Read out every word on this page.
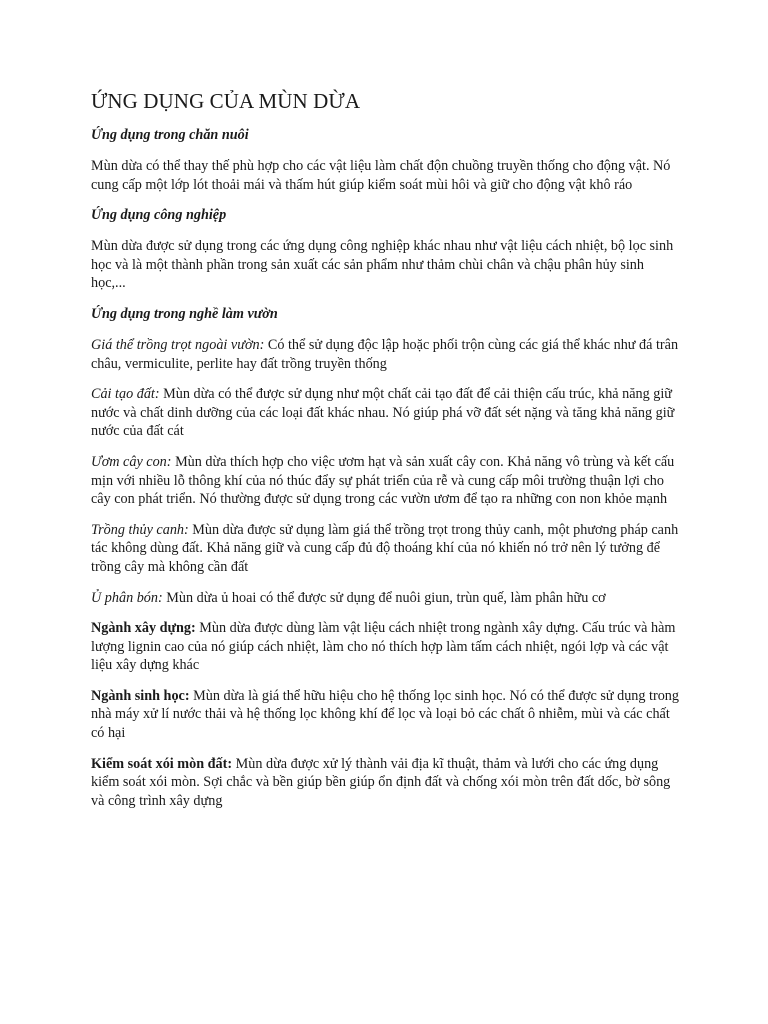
ỨNG DỤNG CỦA MÙN DỪA
Ứng dụng trong chăn nuôi

Mùn dừa có thể thay thế phù hợp cho các vật liệu làm chất độn chuồng truyền thống cho động vật. Nó cung cấp một lớp lót thoải mái và thấm hút giúp kiểm soát mùi hôi và giữ cho động vật khô ráo

Ứng dụng công nghiệp

Mùn dừa được sử dụng trong các ứng dụng công nghiệp khác nhau như vật liệu cách nhiệt, bộ lọc sinh học và là một thành phần trong sản xuất các sản phẩm như thảm chùi chân và chậu phân hủy sinh học,...

Ứng dụng trong nghề làm vườn

Giá thể trồng trọt ngoài vườn: Có thể sử dụng độc lập hoặc phối trộn cùng các giá thể khác như đá trân châu, vermiculite, perlite hay đất trồng truyền thống

Cải tạo đất: Mùn dừa có thể được sử dụng như một chất cải tạo đất để cải thiện cấu trúc, khả năng giữ nước và chất dinh dưỡng của các loại đất khác nhau. Nó giúp phá vỡ đất sét nặng và tăng khả năng giữ nước của đất cát

Ươm cây con: Mùn dừa thích hợp cho việc ươm hạt và sản xuất cây con. Khả năng vô trùng và kết cấu mịn với nhiều lỗ thông khí của nó thúc đẩy sự phát triển của rễ và cung cấp môi trường thuận lợi cho cây con phát triển. Nó thường được sử dụng trong các vườn ươm để tạo ra những con non khỏe mạnh

Trồng thủy canh: Mùn dừa được sử dụng làm giá thể trồng trọt trong thủy canh, một phương pháp canh tác không dùng đất. Khả năng giữ và cung cấp đủ độ thoáng khí của nó khiến nó trở nên lý tưởng để trồng cây mà không cần đất

Ủ phân bón: Mùn dừa ủ hoai có thể được sử dụng để nuôi giun, trùn quế, làm phân hữu cơ

Ngành xây dựng: Mùn dừa được dùng làm vật liệu cách nhiệt trong ngành xây dựng. Cấu trúc và hàm lượng lignin cao của nó giúp cách nhiệt, làm cho nó thích hợp làm tấm cách nhiệt, ngói lợp và các vật liệu xây dựng khác

Ngành sinh học: Mùn dừa là giá thể hữu hiệu cho hệ thống lọc sinh học. Nó có thể được sử dụng trong nhà máy xử lí nước thải và hệ thống lọc không khí để lọc và loại bỏ các chất ô nhiễm, mùi và các chất có hại

Kiểm soát xói mòn đất: Mùn dừa được xử lý thành vải địa kĩ thuật, thảm và lưới cho các ứng dụng kiểm soát xói mòn. Sợi chắc và bền giúp bền giúp ổn định đất và chống xói mòn trên đất dốc, bờ sông và công trình xây dựng
